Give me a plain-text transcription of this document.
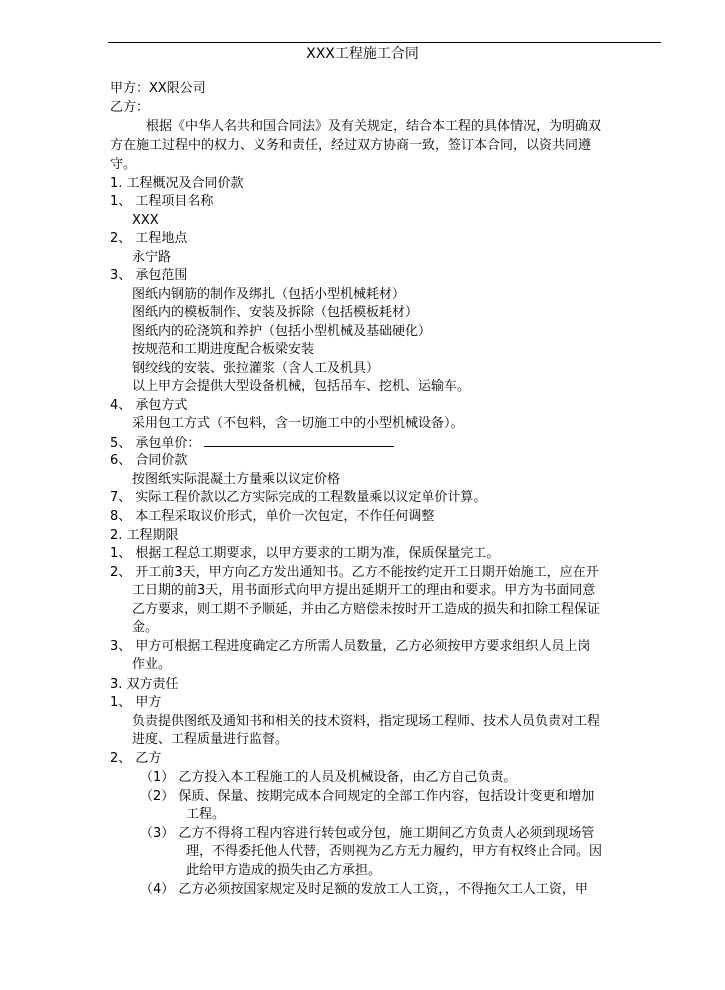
XXX工程施工合同
甲方：XX限公司
乙方：
根据《中华人名共和国合同法》及有关规定，结合本工程的具体情况，为明确双
方在施工过程中的权力、义务和责任，经过双方协商一致，签订本合同，以资共同遵
守。
1. 工程概况及合同价款
1、 工程项目名称
XXX
2、 工程地点
永宁路
3、 承包范围
图纸内钢筋的制作及绑扎（包括小型机械耗材）
图纸内的模板制作、安装及拆除（包括模板耗材）
图纸内的砼浇筑和养护（包括小型机械及基础硬化）
按规范和工期进度配合板梁安装
钢绞线的安装、张拉灌浆（含人工及机具）
以上甲方会提供大型设备机械，包括吊车、挖机、运输车。
4、 承包方式
采用包工方式（不包料，含一切施工中的小型机械设备）。
5、 承包单价：
6、 合同价款
按图纸实际混凝土方量乘以议定价格
7、 实际工程价款以乙方实际完成的工程数量乘以议定单价计算。
8、 本工程采取议价形式，单价一次包定，不作任何调整
2. 工程期限
1、 根据工程总工期要求，以甲方要求的工期为准，保质保量完工。
2、 开工前3天，甲方向乙方发出通知书。乙方不能按约定开工日期开始施工，应在开
工日期的前3天，用书面形式向甲方提出延期开工的理由和要求。甲方为书面同意
乙方要求，则工期不予顺延，并由乙方赔偿未按时开工造成的损失和扣除工程保证
金。
3、 甲方可根据工程进度确定乙方所需人员数量，乙方必须按甲方要求组织人员上岗
作业。
3. 双方责任
1、 甲方
负责提供图纸及通知书和相关的技术资料，指定现场工程师、技术人员负责对工程
进度、工程质量进行监督。
2、 乙方
（1） 乙方投入本工程施工的人员及机械设备，由乙方自己负责。
（2） 保质、保量、按期完成本合同规定的全部工作内容，包括设计变更和增加
工程。
（3） 乙方不得将工程内容进行转包或分包，施工期间乙方负责人必须到现场管
理，不得委托他人代替，否则视为乙方无力履约，甲方有权终止合同。因
此给甲方造成的损失由乙方承担。
（4） 乙方必须按国家规定及时足额的发放工人工资，，不得拖欠工人工资，甲
